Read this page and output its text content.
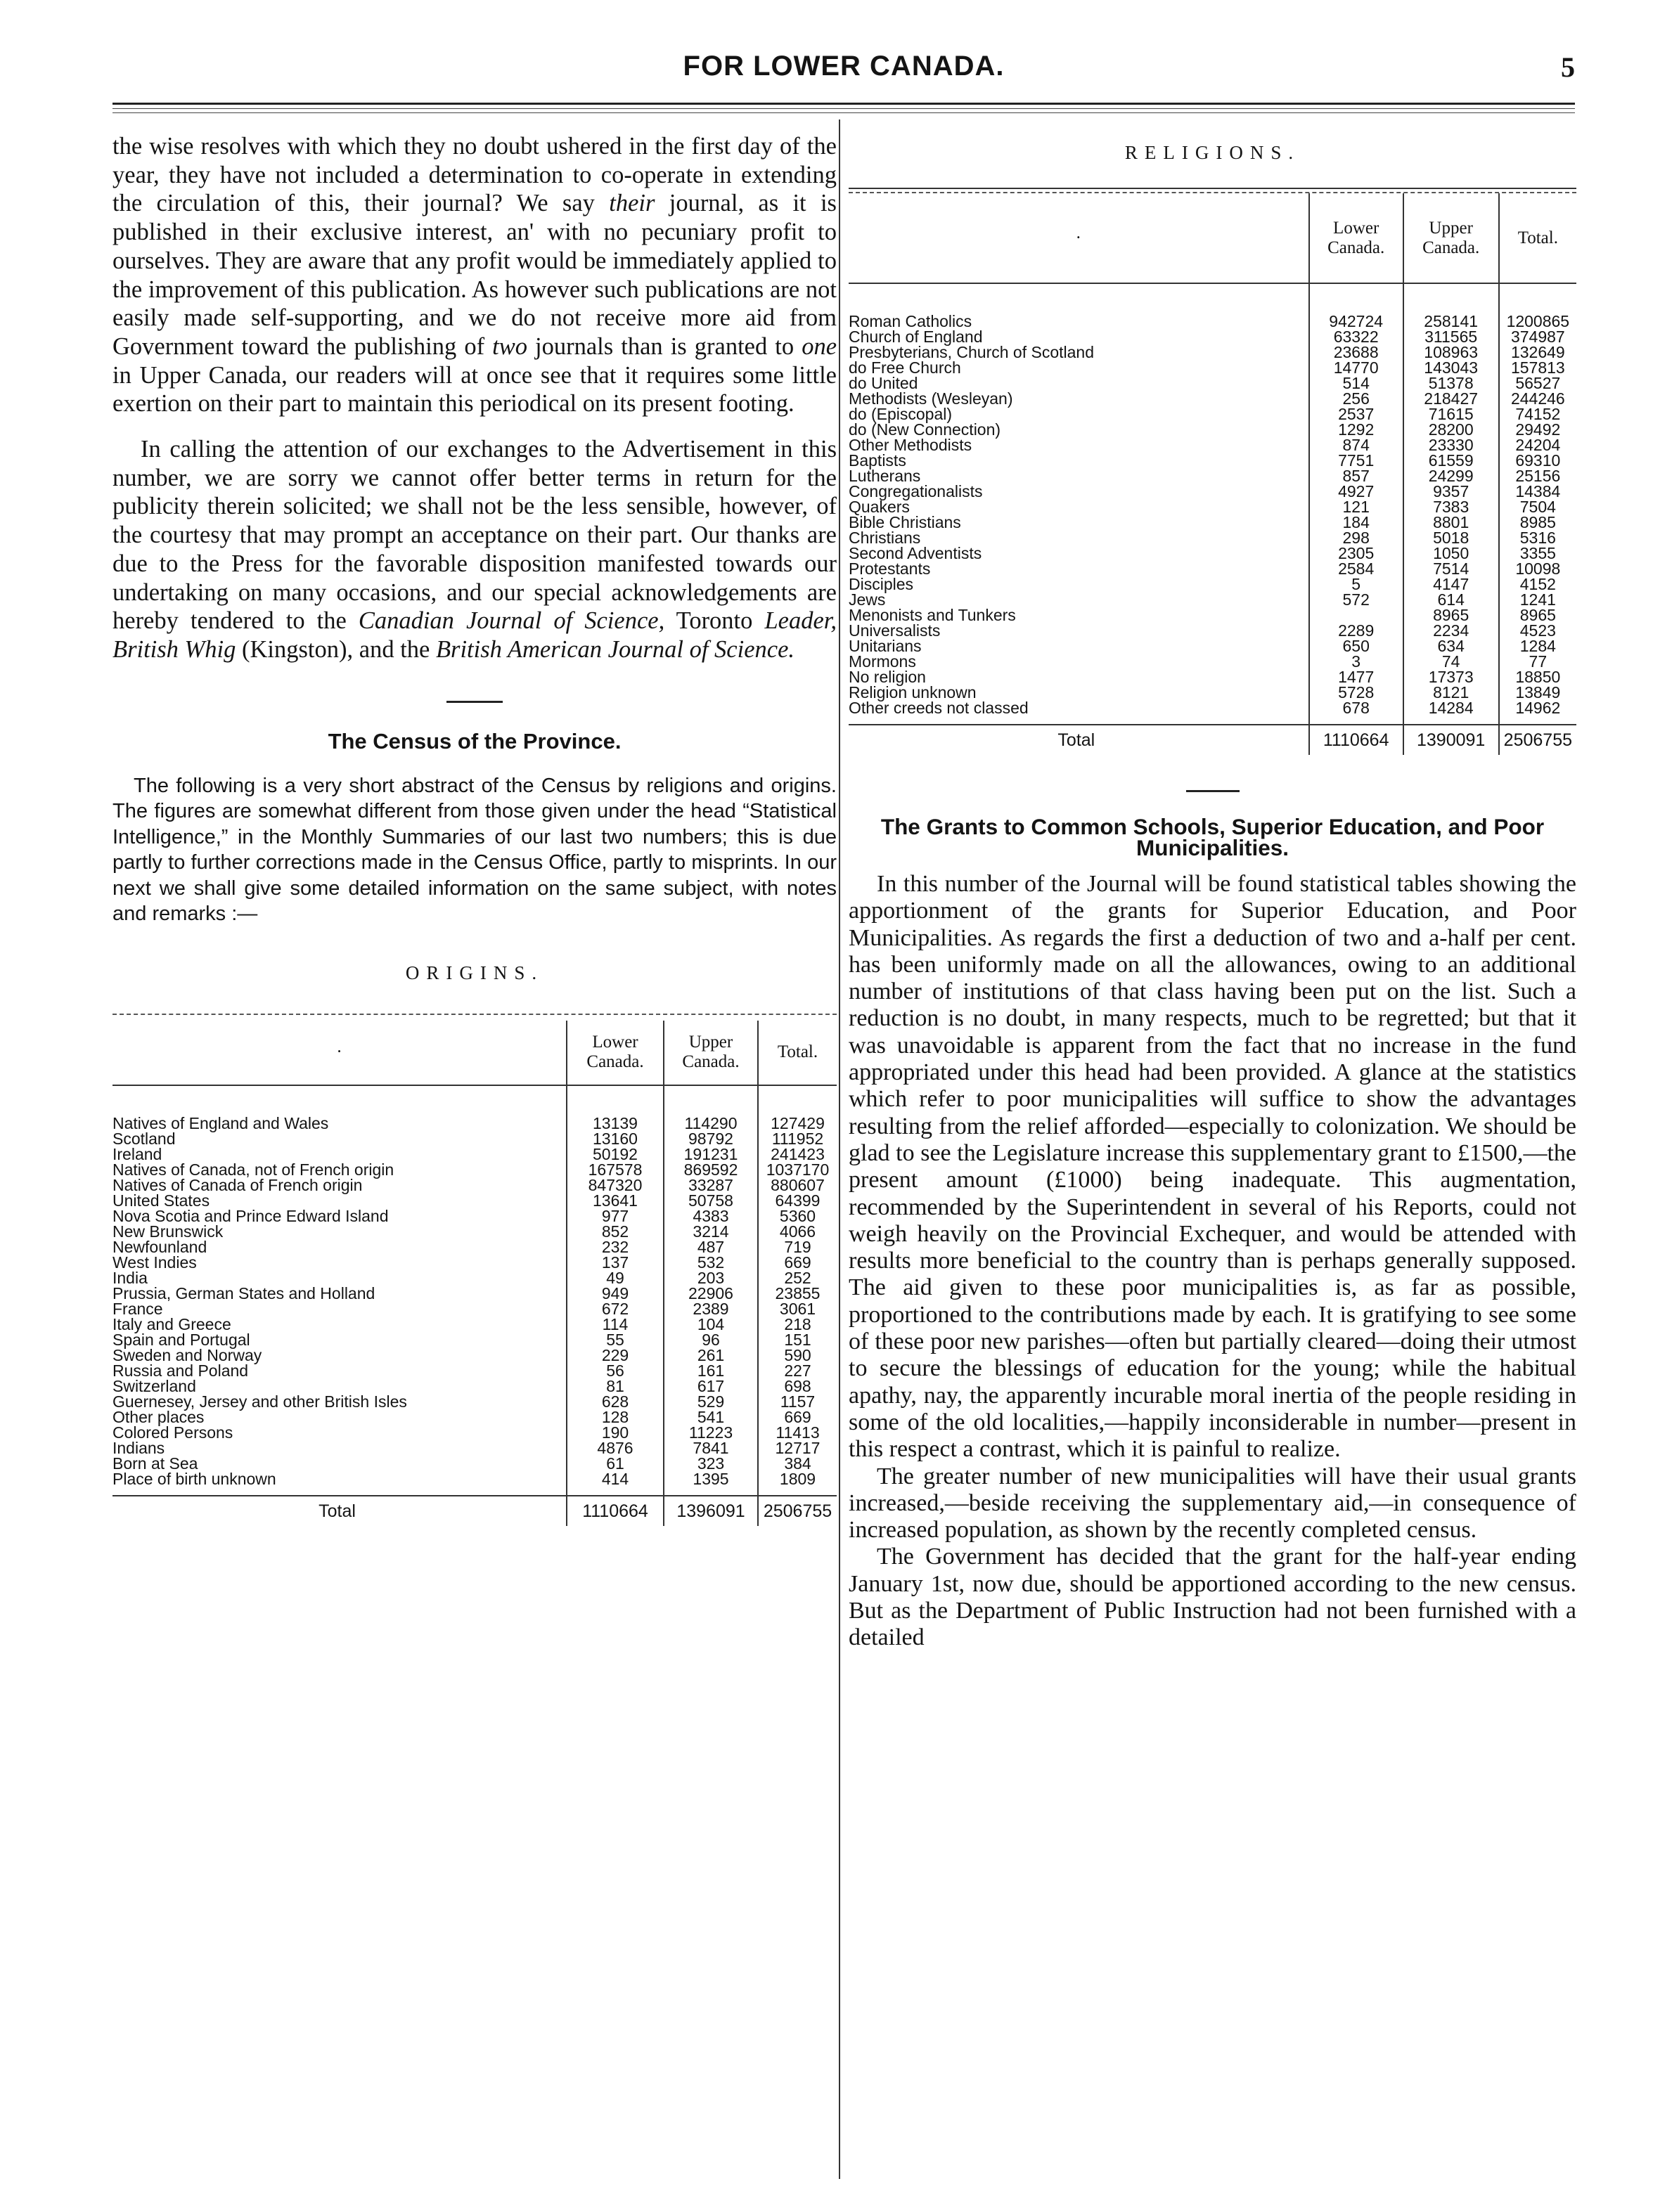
FOR LOWER CANADA.	5

the wise resolves with which they no doubt ushered in the first day of the year, they have not included a determination to co-operate in extending the circulation of this, their journal? We say their journal, as it is published in their exclusive interest, an' with no pecuniary profit to ourselves. They are aware that any profit would be immediately applied to the improvement of this publication. As however such publications are not easily made self-supporting, and we do not receive more aid from Government toward the publishing of two journals than is granted to one in Upper Canada, our readers will at once see that it requires some little exertion on their part to maintain this periodical on its present footing.

In calling the attention of our exchanges to the Advertisement in this number, we are sorry we cannot offer better terms in return for the publicity therein solicited; we shall not be the less sensible, however, of the courtesy that may prompt an acceptance on their part. Our thanks are due to the Press for the favorable disposition manifested towards our undertaking on many occasions, and our special acknowledgements are hereby tendered to the Canadian Journal of Science, Toronto Leader, British Whig (Kingston), and the British American Journal of Science.

The Census of the Province.

The following is a very short abstract of the Census by religions and origins. The figures are somewhat different from those given under the head “Statistical Intelligence,” in the Monthly Summaries of our last two numbers; this is due partly to further corrections made in the Census Office, partly to misprints. In our next we shall give some detailed information on the same subject, with notes and remarks :—

ORIGINS.
·	Lower Canada.	Upper Canada.	Total.
Natives of England and Wales	13139	114290	127429
Scotland	13160	98792	111952
Ireland	50192	191231	241423
Natives of Canada, not of French origin	167578	869592	1037170
Natives of Canada of French origin	847320	33287	880607
United States	13641	50758	64399
Nova Scotia and Prince Edward Island	977	4383	5360
New Brunswick	852	3214	4066
Newfounland	232	487	719
West Indies	137	532	669
India	49	203	252
Prussia, German States and Holland	949	22906	23855
France	672	2389	3061
Italy and Greece	114	104	218
Spain and Portugal	55	96	151
Sweden and Norway	229	261	590
Russia and Poland	56	161	227
Switzerland	81	617	698
Guernesey, Jersey and other British Isles	628	529	1157
Other places	128	541	669
Colored Persons	190	11223	11413
Indians	4876	7841	12717
Born at Sea	61	323	384
Place of birth unknown	414	1395	1809
Total	1110664	1396091	2506755
RELIGIONS.
·	Lower Canada.	Upper Canada.	Total.
Roman Catholics	942724	258141	1200865
Church of England	63322	311565	374987
Presbyterians, Church of Scotland	23688	108963	132649
do Free Church	14770	143043	157813
do United	514	51378	56527
Methodists (Wesleyan)	256	218427	244246
do (Episcopal)	2537	71615	74152
do (New Connection)	1292	28200	29492
Other Methodists	874	23330	24204
Baptists	7751	61559	69310
Lutherans	857	24299	25156
Congregationalists	4927	9357	14384
Quakers	121	7383	7504
Bible Christians	184	8801	8985
Christians	298	5018	5316
Second Adventists	2305	1050	3355
Protestants	2584	7514	10098
Disciples	5	4147	4152
Jews	572	614	1241
Menonists and Tunkers		8965	8965
Universalists	2289	2234	4523
Unitarians	650	634	1284
Mormons	3	74	77
No religion	1477	17373	18850
Religion unknown	5728	8121	13849
Other creeds not classed	678	14284	14962
Total	1110664	1390091	2506755
The Grants to Common Schools, Superior Education, and Poor Municipalities.

In this number of the Journal will be found statistical tables showing the apportionment of the grants for Superior Education, and Poor Municipalities. As regards the first a deduction of two and a-half per cent. has been uniformly made on all the allowances, owing to an additional number of institutions of that class having been put on the list. Such a reduction is no doubt, in many respects, much to be regretted; but that it was unavoidable is apparent from the fact that no increase in the fund appropriated under this head had been provided. A glance at the statistics which refer to poor municipalities will suffice to show the advantages resulting from the relief afforded—especially to colonization. We should be glad to see the Legislature increase this supplementary grant to £1500,—the present amount (£1000) being inadequate. This augmentation, recommended by the Superintendent in several of his Reports, could not weigh heavily on the Provincial Exchequer, and would be attended with results more beneficial to the country than is perhaps generally supposed. The aid given to these poor municipalities is, as far as possible, proportioned to the contributions made by each. It is gratifying to see some of these poor new parishes—often but partially cleared—doing their utmost to secure the blessings of education for the young; while the habitual apathy, nay, the apparently incurable moral inertia of the people residing in some of the old localities,—happily inconsiderable in number—present in this respect a contrast, which it is painful to realize.

The greater number of new municipalities will have their usual grants increased,—beside receiving the supplementary aid,—in consequence of increased population, as shown by the recently completed census.

The Government has decided that the grant for the half-year ending January 1st, now due, should be apportioned according to the new census. But as the Department of Public Instruction had not been furnished with a detailed
